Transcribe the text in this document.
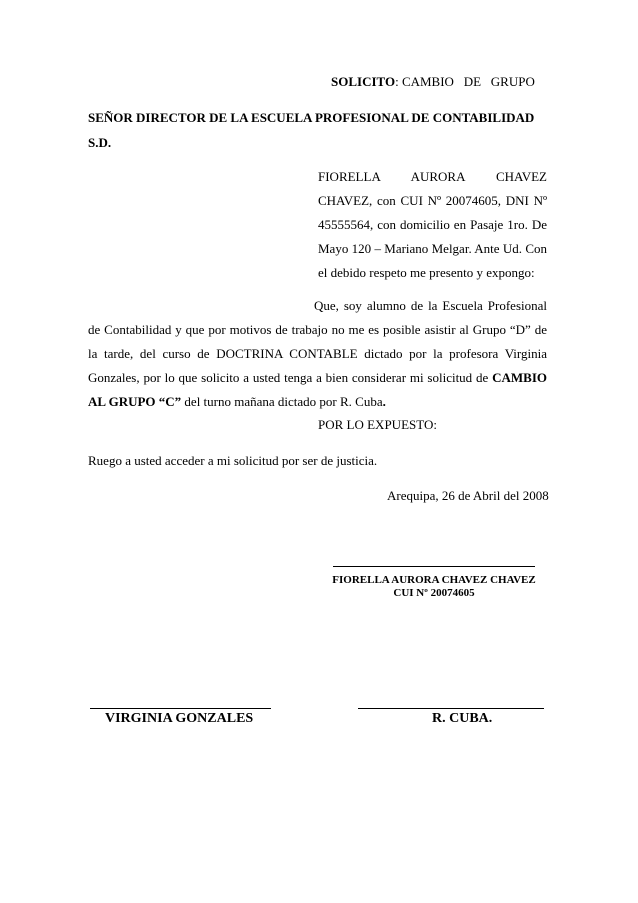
SOLICITO: CAMBIO   DE   GRUPO
SEÑOR DIRECTOR DE LA ESCUELA PROFESIONAL DE CONTABILIDAD
S.D.
FIORELLA         AURORA         CHAVEZ
CHAVEZ, con CUI Nº 20074605, DNI Nº
45555564, con domicilio en Pasaje 1ro. De
Mayo 120 – Mariano Melgar. Ante Ud. Con
el debido respeto me presento y expongo:
Que, soy alumno de la Escuela Profesional
de Contabilidad y que por motivos de trabajo no me es posible asistir al Grupo “D” de
la tarde, del curso de DOCTRINA CONTABLE dictado por la profesora Virginia
Gonzales, por lo que solicito a usted tenga a bien considerar mi solicitud de CAMBIO
AL GRUPO “C” del turno mañana dictado por R. Cuba.
POR LO EXPUESTO:
Ruego a usted acceder a mi solicitud por ser de justicia.
Arequipa, 26 de Abril del 2008
FIORELLA AURORA CHAVEZ CHAVEZ
CUI Nº 20074605
VIRGINIA GONZALES	R. CUBA.
